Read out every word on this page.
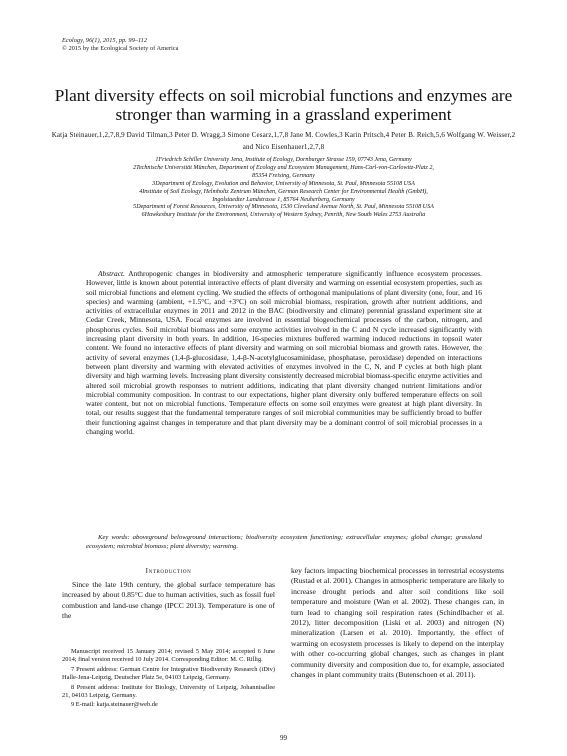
Ecology, 96(1), 2015, pp. 99–112
© 2015 by the Ecological Society of America
Plant diversity effects on soil microbial functions and enzymes are stronger than warming in a grassland experiment
Katja Steinauer,1,2,7,8,9 David Tilman,3 Peter D. Wragg,3 Simone Cesarz,1,7,8 Jane M. Cowles,3 Karin Pritsch,4 Peter B. Reich,5,6 Wolfgang W. Weisser,2 and Nico Eisenhauer1,2,7,8
1Friedrich Schiller University Jena, Institute of Ecology, Dornburger Strasse 159, 07743 Jena, Germany
2Technische Universität München, Department of Ecology and Ecosystem Management, Hans-Carl-von-Carlowitz-Platz 2,
85354 Freising, Germany
3Department of Ecology, Evolution and Behavior, University of Minnesota, St. Paul, Minnesota 55108 USA
4Institute of Soil Ecology, Helmholtz Zentrum München, German Research Center for Environmental Health (GmbH),
Ingolstaedter Landstrasse 1, 85764 Neuherberg, Germany
5Department of Forest Resources, University of Minnesota, 1530 Cleveland Avenue North, St. Paul, Minnesota 55108 USA
6Hawkesbury Institute for the Environment, University of Western Sydney, Penrith, New South Wales 2753 Australia
Abstract. Anthropogenic changes in biodiversity and atmospheric temperature significantly influence ecosystem processes. However, little is known about potential interactive effects of plant diversity and warming on essential ecosystem properties, such as soil microbial functions and element cycling. We studied the effects of orthogonal manipulations of plant diversity (one, four, and 16 species) and warming (ambient, +1.5°C, and +3°C) on soil microbial biomass, respiration, growth after nutrient additions, and activities of extracellular enzymes in 2011 and 2012 in the BAC (biodiversity and climate) perennial grassland experiment site at Cedar Creek, Minnesota, USA. Focal enzymes are involved in essential biogeochemical processes of the carbon, nitrogen, and phosphorus cycles. Soil microbial biomass and some enzyme activities involved in the C and N cycle increased significantly with increasing plant diversity in both years. In addition, 16-species mixtures buffered warming induced reductions in topsoil water content. We found no interactive effects of plant diversity and warming on soil microbial biomass and growth rates. However, the activity of several enzymes (1,4-β-glucosidase, 1,4-β-N-acetylglucosaminidase, phosphatase, peroxidase) depended on interactions between plant diversity and warming with elevated activities of enzymes involved in the C, N, and P cycles at both high plant diversity and high warming levels. Increasing plant diversity consistently decreased microbial biomass-specific enzyme activities and altered soil microbial growth responses to nutrient additions, indicating that plant diversity changed nutrient limitations and/or microbial community composition. In contrast to our expectations, higher plant diversity only buffered temperature effects on soil water content, but not on microbial functions. Temperature effects on some soil enzymes were greatest at high plant diversity. In total, our results suggest that the fundamental temperature ranges of soil microbial communities may be sufficiently broad to buffer their functioning against changes in temperature and that plant diversity may be a dominant control of soil microbial processes in a changing world.
Key words: aboveground belowground interactions; biodiversity ecosystem functioning; extracellular enzymes; global change; grassland ecosystem; microbial biomass; plant diversity; warming.
Introduction
Since the late 19th century, the global surface temperature has increased by about 0.85°C due to human activities, such as fossil fuel combustion and land-use change (IPCC 2013). Temperature is one of the

Manuscript received 15 January 2014; revised 5 May 2014; accepted 6 June 2014; final version received 10 July 2014. Corresponding Editor: M. C. Rillig.

7 Present address: German Centre for Integrative Biodiversity Research (iDiv) Halle-Jena-Leipzig, Deutscher Platz 5e, 04103 Leipzig, Germany.

8 Present address: Institute for Biology, University of Leipzig, Johannisallee 21, 04103 Leipzig, Germany.

9 E-mail: katja.steinauer@web.de

key factors impacting biochemical processes in terrestrial ecosystems (Rustad et al. 2001). Changes in atmospheric temperature are likely to increase drought periods and alter soil conditions like soil temperature and moisture (Wan et al. 2002). These changes can, in turn lead to changing soil respiration rates (Schindlbacher et al. 2012), litter decomposition (Liski et al. 2003) and nitrogen (N) mineralization (Larsen et al. 2010). Importantly, the effect of warming on ecosystem processes is likely to depend on the interplay with other co-occurring global changes, such as changes in plant community diversity and composition due to, for example, associated changes in plant community traits (Butenschoen et al. 2011).
99
